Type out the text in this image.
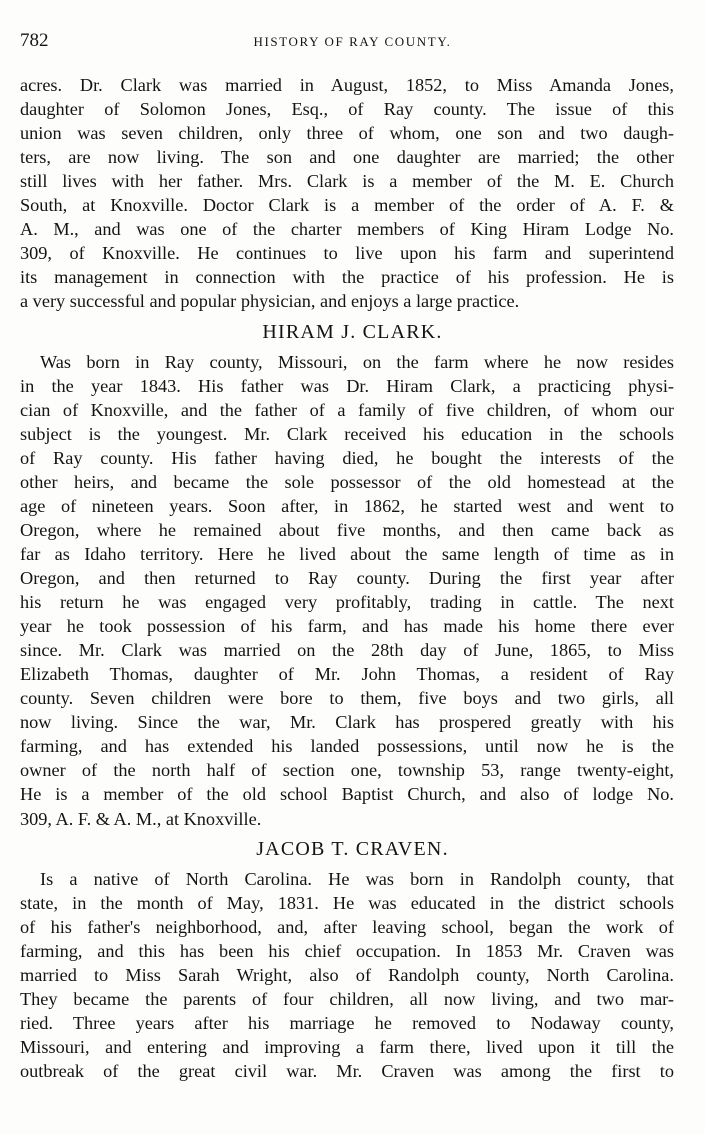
782	HISTORY OF RAY COUNTY.
acres. Dr. Clark was married in August, 1852, to Miss Amanda Jones,
daughter of Solomon Jones, Esq., of Ray county. The issue of this
union was seven children, only three of whom, one son and two daugh-
ters, are now living. The son and one daughter are married; the other
still lives with her father. Mrs. Clark is a member of the M. E. Church
South, at Knoxville. Doctor Clark is a member of the order of A. F. &
A. M., and was one of the charter members of King Hiram Lodge No.
309, of Knoxville. He continues to live upon his farm and superintend
its management in connection with the practice of his profession. He is
a very successful and popular physician, and enjoys a large practice.
HIRAM J. CLARK.
Was born in Ray county, Missouri, on the farm where he now resides
in the year 1843. His father was Dr. Hiram Clark, a practicing physi-
cian of Knoxville, and the father of a family of five children, of whom our
subject is the youngest. Mr. Clark received his education in the schools
of Ray county. His father having died, he bought the interests of the
other heirs, and became the sole possessor of the old homestead at the
age of nineteen years. Soon after, in 1862, he started west and went to
Oregon, where he remained about five months, and then came back as
far as Idaho territory. Here he lived about the same length of time as in
Oregon, and then returned to Ray county. During the first year after
his return he was engaged very profitably, trading in cattle. The next
year he took possession of his farm, and has made his home there ever
since. Mr. Clark was married on the 28th day of June, 1865, to Miss
Elizabeth Thomas, daughter of Mr. John Thomas, a resident of Ray
county. Seven children were bore to them, five boys and two girls, all
now living. Since the war, Mr. Clark has prospered greatly with his
farming, and has extended his landed possessions, until now he is the
owner of the north half of section one, township 53, range twenty-eight,
He is a member of the old school Baptist Church, and also of lodge No.
309, A. F. & A. M., at Knoxville.
JACOB T. CRAVEN.
Is a native of North Carolina. He was born in Randolph county, that
state, in the month of May, 1831. He was educated in the district schools
of his father's neighborhood, and, after leaving school, began the work of
farming, and this has been his chief occupation. In 1853 Mr. Craven was
married to Miss Sarah Wright, also of Randolph county, North Carolina.
They became the parents of four children, all now living, and two mar-
ried. Three years after his marriage he removed to Nodaway county,
Missouri, and entering and improving a farm there, lived upon it till the
outbreak of the great civil war. Mr. Craven was among the first to
